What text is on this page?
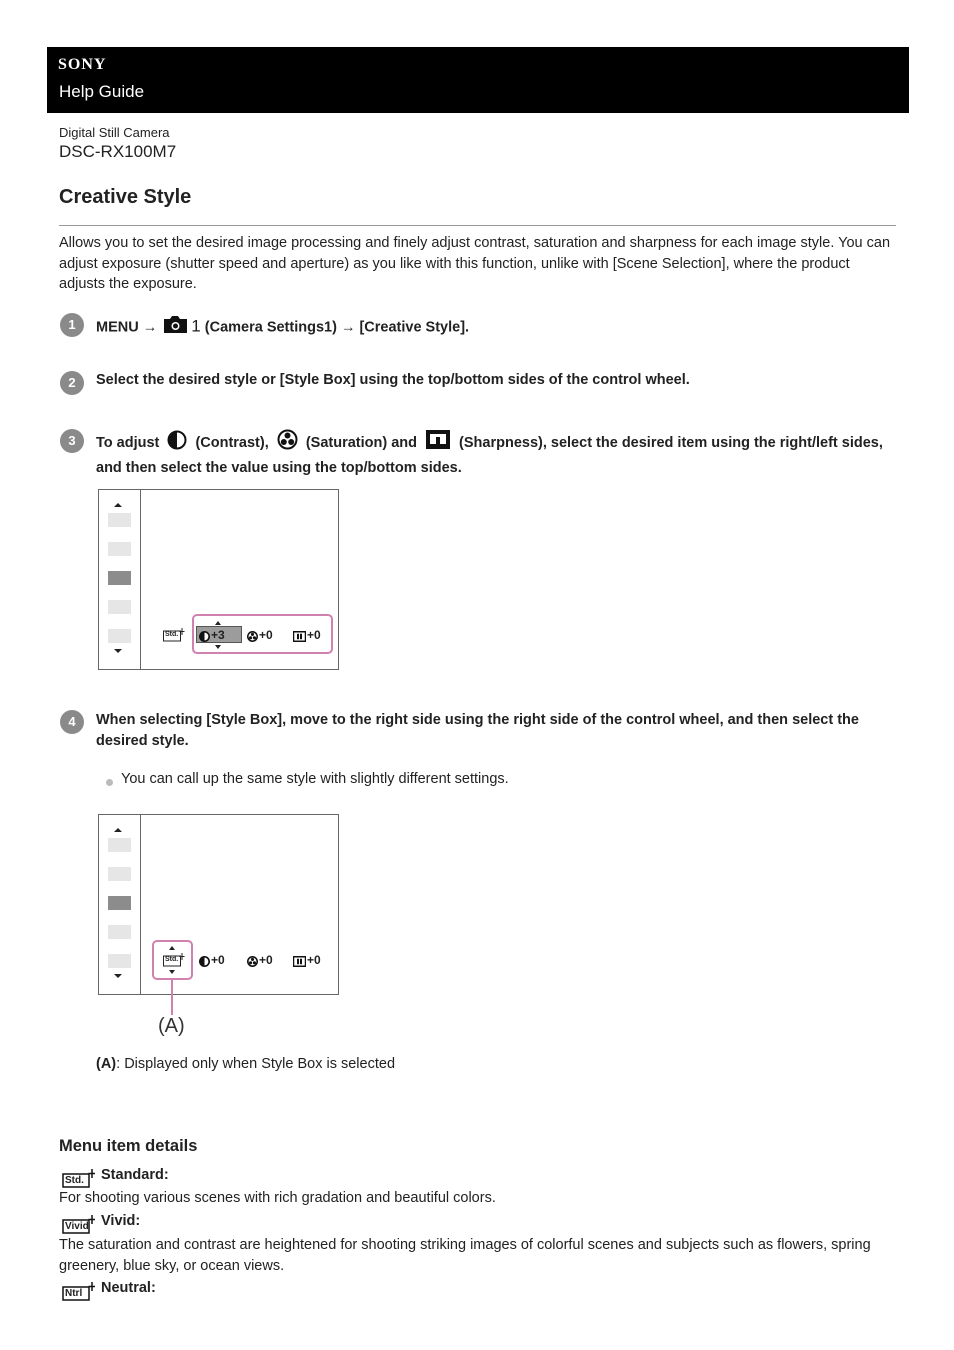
SONY
Help Guide
Digital Still Camera
DSC-RX100M7
Creative Style

Allows you to set the desired image processing and finely adjust contrast, saturation and sharpness for each image style. You can adjust exposure (shutter speed and aperture) as you like with this function, unlike with [Scene Selection], where the product adjusts the exposure.

1	MENU → 1 (Camera Settings1) → [Creative Style].
2	Select the desired style or [Style Box] using the top/bottom sides of the control wheel.
3	To adjust (Contrast),	(Saturation) and	(Sharpness), select the desired item using the right/left sides, and then select the value using the top/bottom sides.
Std.	+3	+0	+0
4	When selecting [Style Box], move to the right side using the right side of the control wheel, and then select the desired style.
You can call up the same style with slightly different settings.
Std.	+0	+0	+0
(A)
(A): Displayed only when Style Box is selected
Menu item details
Std. Standard:
For shooting various scenes with rich gradation and beautiful colors.
Vivid Vivid:
The saturation and contrast are heightened for shooting striking images of colorful scenes and subjects such as flowers, spring greenery, blue sky, or ocean views.
Ntrl Neutral:
